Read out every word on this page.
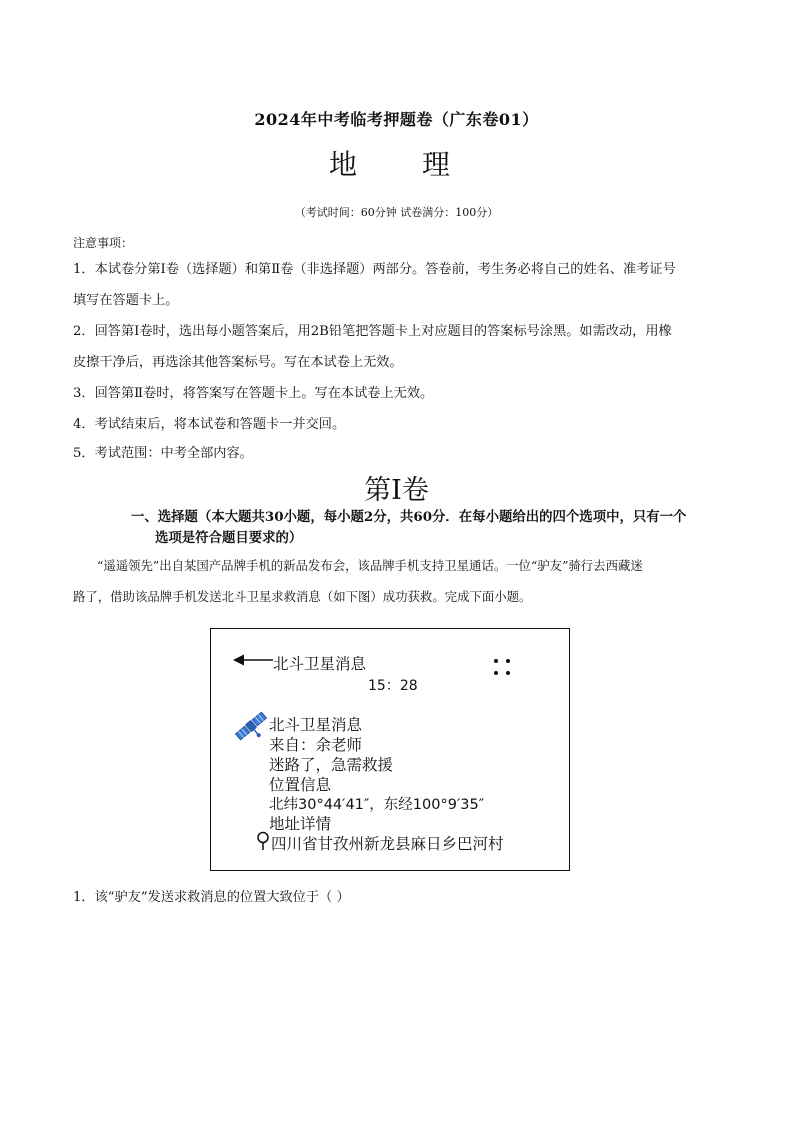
2024年中考临考押题卷（广东卷01）
地 理
（考试时间：60分钟 试卷满分：100分）
注意事项：
1．本试卷分第Ⅰ卷（选择题）和第Ⅱ卷（非选择题）两部分。答卷前，考生务必将自己的姓名、准考证号
填写在答题卡上。
2．回答第Ⅰ卷时，选出每小题答案后，用2B铅笔把答题卡上对应题目的答案标号涂黑。如需改动，用橡
皮擦干净后，再选涂其他答案标号。写在本试卷上无效。
3．回答第Ⅱ卷时，将答案写在答题卡上。写在本试卷上无效。
4．考试结束后，将本试卷和答题卡一并交回。
5．考试范围：中考全部内容。
第Ⅰ卷
一、选择题（本大题共30小题，每小题2分，共60分．在每小题给出的四个选项中，只有一个
选项是符合题目要求的）
“遥遥领先”出自某国产品牌手机的新品发布会，该品牌手机支持卫星通话。一位“驴友”骑行去西藏迷
路了，借助该品牌手机发送北斗卫星求救消息（如下图）成功获救。完成下面小题。
北斗卫星消息
15：28
北斗卫星消息
来自：余老师
迷路了，急需救援
位置信息
北纬30°44′41″，东经100°9′35″
地址详情
四川省甘孜州新龙县麻日乡巴河村
1．该“驴友”发送求救消息的位置大致位于（ ）
